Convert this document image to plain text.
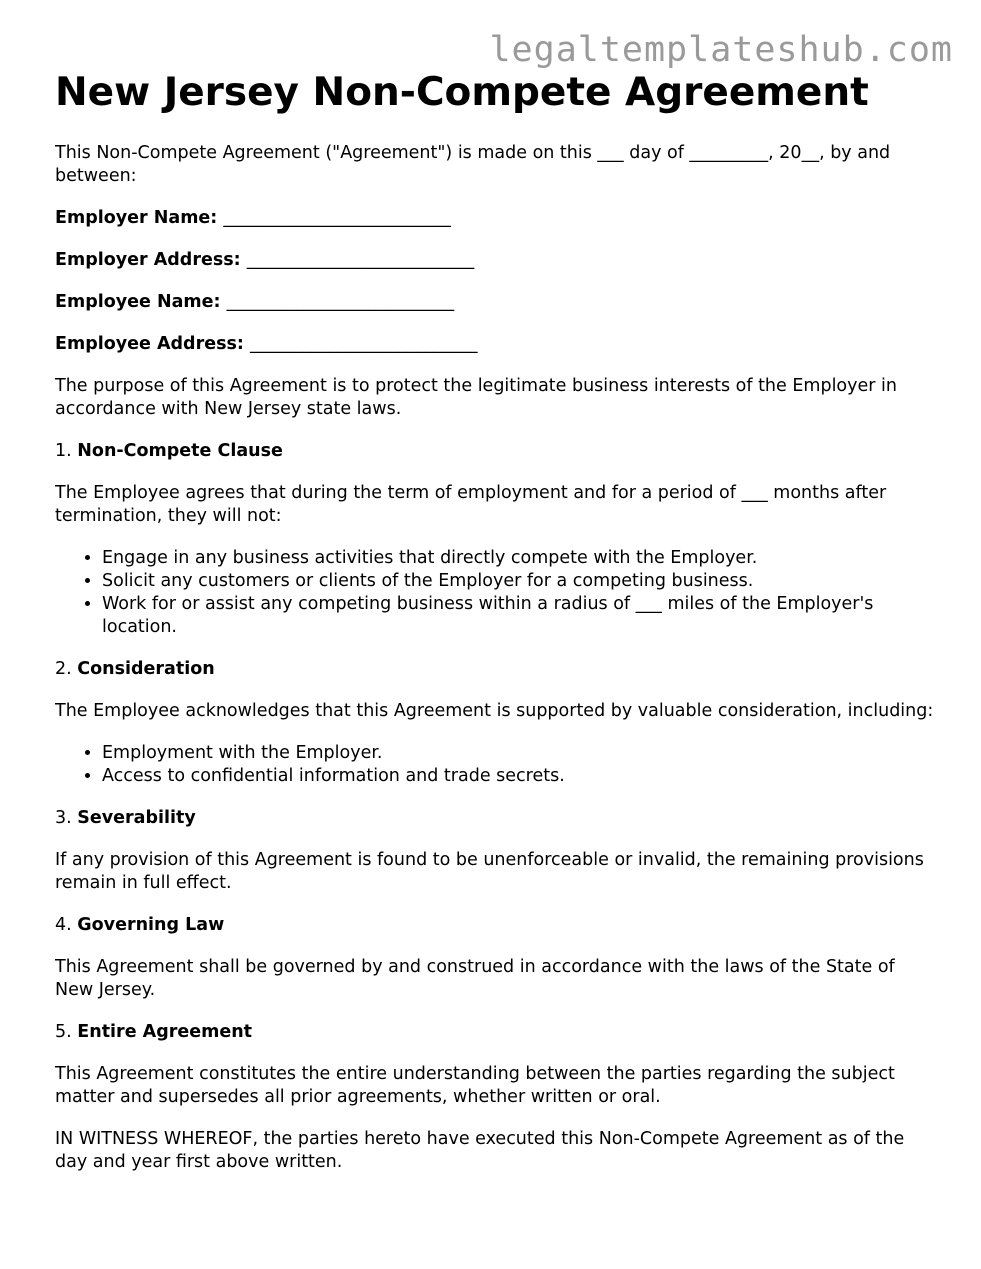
legaltemplateshub.com
New Jersey Non-Compete Agreement

This Non-Compete Agreement ("Agreement") is made on this ___ day of _________, 20__, by and between:

Employer Name: __________________________

Employer Address: __________________________

Employee Name: __________________________

Employee Address: __________________________

The purpose of this Agreement is to protect the legitimate business interests of the Employer in accordance with New Jersey state laws.

1. Non-Compete Clause

The Employee agrees that during the term of employment and for a period of ___ months after termination, they will not:

• Engage in any business activities that directly compete with the Employer.
• Solicit any customers or clients of the Employer for a competing business.
• Work for or assist any competing business within a radius of ___ miles of the Employer's location.

2. Consideration

The Employee acknowledges that this Agreement is supported by valuable consideration, including:

• Employment with the Employer.
• Access to confidential information and trade secrets.

3. Severability

If any provision of this Agreement is found to be unenforceable or invalid, the remaining provisions remain in full effect.

4. Governing Law

This Agreement shall be governed by and construed in accordance with the laws of the State of New Jersey.

5. Entire Agreement

This Agreement constitutes the entire understanding between the parties regarding the subject matter and supersedes all prior agreements, whether written or oral.

IN WITNESS WHEREOF, the parties hereto have executed this Non-Compete Agreement as of the day and year first above written.
